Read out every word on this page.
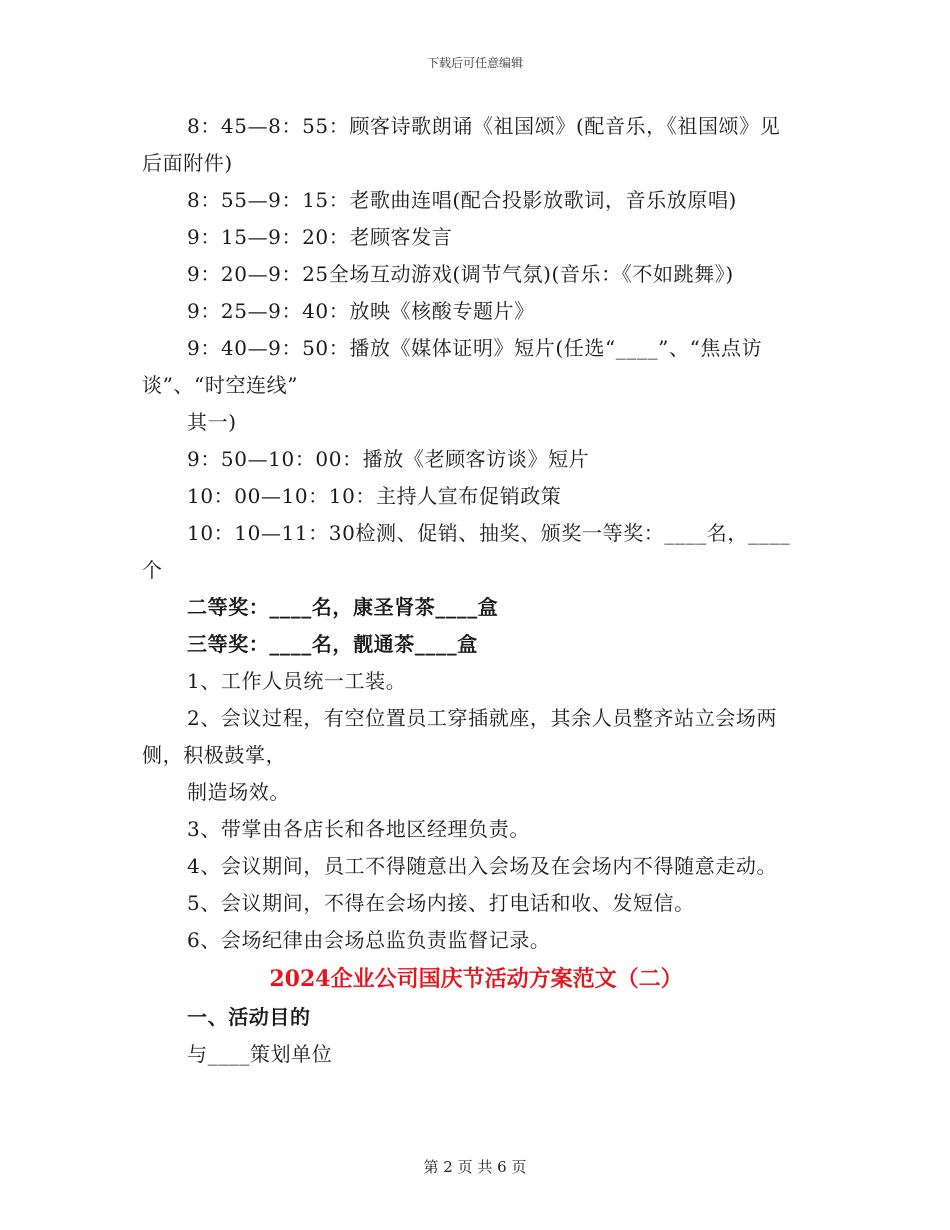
下载后可任意编辑
8：45—8：55：顾客诗歌朗诵《祖国颂》(配音乐，《祖国颂》见
后面附件)
8：55—9：15：老歌曲连唱(配合投影放歌词，音乐放原唱)
9：15—9：20：老顾客发言
9：20—9：25全场互动游戏(调节气氛)(音乐：《不如跳舞》)
9：25—9：40：放映《核酸专题片》
9：40—9：50：播放《媒体证明》短片(任选“____”、“焦点访
谈”、“时空连线”
其一)
9：50—10：00：播放《老顾客访谈》短片
10：00—10：10：主持人宣布促销政策
10：10—11：30检测、促销、抽奖、颁奖一等奖：____名，____
个
二等奖：____名，康圣肾茶____盒
三等奖：____名，靓通茶____盒
1、工作人员统一工装。
2、会议过程，有空位置员工穿插就座，其余人员整齐站立会场两
侧，积极鼓掌，
制造场效。
3、带掌由各店长和各地区经理负责。
4、会议期间，员工不得随意出入会场及在会场内不得随意走动。
5、会议期间，不得在会场内接、打电话和收、发短信。
6、会场纪律由会场总监负责监督记录。
2024企业公司国庆节活动方案范文（二）
一、活动目的
与____策划单位
第 2 页 共 6 页
